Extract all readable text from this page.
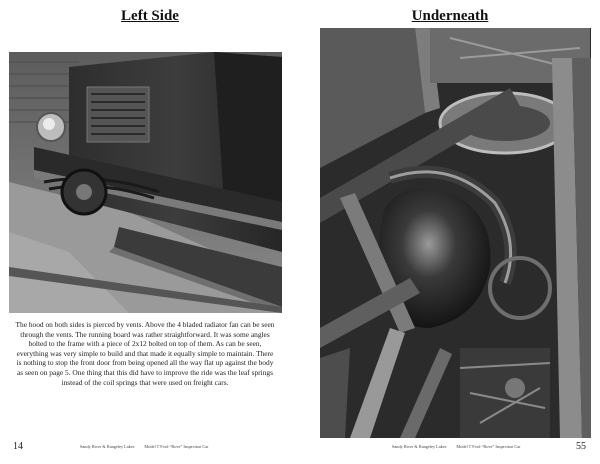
Left Side
The hood on both sides is pierced by vents. Above the 4 bladed radiator fan can be seen through the vents. The running board was rather straightforward. It was some angles bolted to the frame with a piece of 2x12 bolted on top of them. As can be seen, everything was very simple to build and that made it equally simple to maintain. There is nothing to stop the front door from being opened all the way flat up against the body as seen on page 5. One thing that this did have to improve the ride was the leaf springs instead of the coil springs that were used on freight cars.
14	Sandy River & Rangeley Lakes Model T Ford “Rove” Inspection Car
Underneath
55
Sandy River & Rangeley Lakes Model T Ford “Rove” Inspection Car
